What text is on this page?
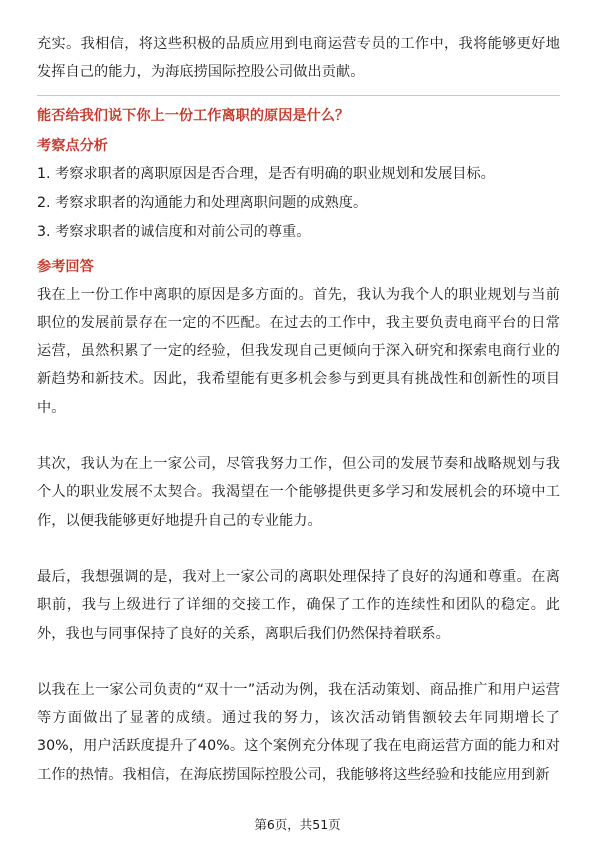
充实。我相信，将这些积极的品质应用到电商运营专员的工作中，我将能够更好地发挥自己的能力，为海底捞国际控股公司做出贡献。

能否给我们说下你上一份工作离职的原因是什么？

考察点分析

1. 考察求职者的离职原因是否合理，是否有明确的职业规划和发展目标。
2. 考察求职者的沟通能力和处理离职问题的成熟度。
3. 考察求职者的诚信度和对前公司的尊重。

参考回答

我在上一份工作中离职的原因是多方面的。首先，我认为我个人的职业规划与当前职位的发展前景存在一定的不匹配。在过去的工作中，我主要负责电商平台的日常运营，虽然积累了一定的经验，但我发现自己更倾向于深入研究和探索电商行业的新趋势和新技术。因此，我希望能有更多机会参与到更具有挑战性和创新性的项目中。

其次，我认为在上一家公司，尽管我努力工作，但公司的发展节奏和战略规划与我个人的职业发展不太契合。我渴望在一个能够提供更多学习和发展机会的环境中工作，以便我能够更好地提升自己的专业能力。

最后，我想强调的是，我对上一家公司的离职处理保持了良好的沟通和尊重。在离职前，我与上级进行了详细的交接工作，确保了工作的连续性和团队的稳定。此外，我也与同事保持了良好的关系，离职后我们仍然保持着联系。

以我在上一家公司负责的“双十一”活动为例，我在活动策划、商品推广和用户运营等方面做出了显著的成绩。通过我的努力，该次活动销售额较去年同期增长了30%，用户活跃度提升了40%。这个案例充分体现了我在电商运营方面的能力和对工作的热情。我相信，在海底捞国际控股公司，我能够将这些经验和技能应用到新

第6页，共51页
